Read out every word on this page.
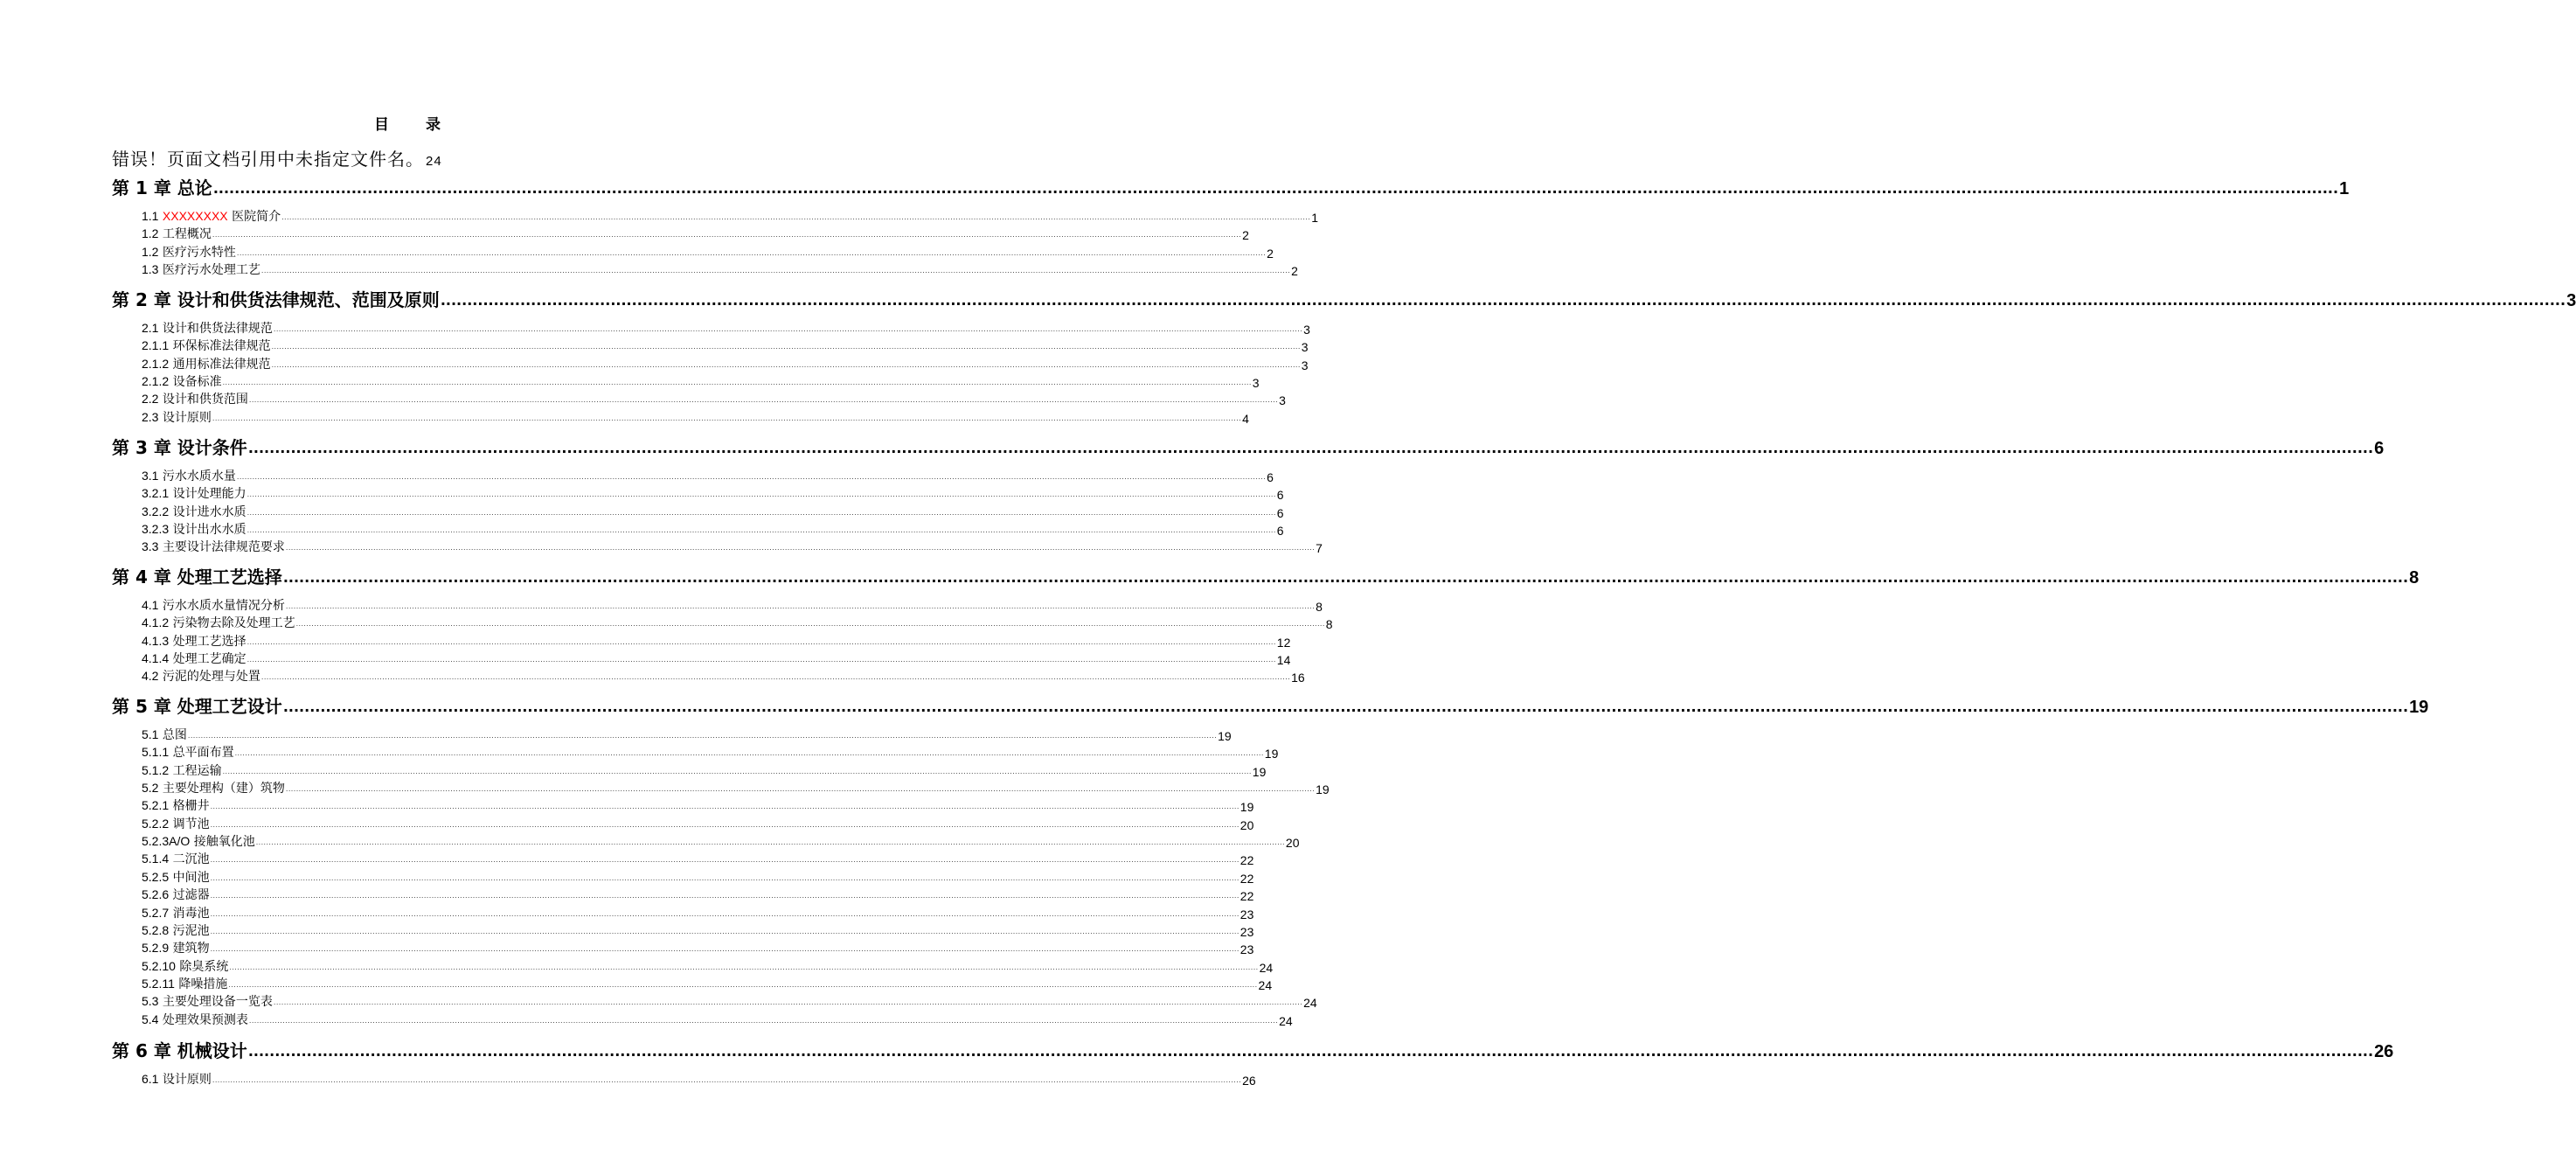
目 录
错误！页面文档引用中未指定文件名。 24
第 1 章 总论 ................................................................................................................................................................................................................................................................................................................................................................................................................ 1
1.1 XXXXXXXX 医院简介 ................................................................................................................................................................................................................................................................................................................................................................................................................ 1
1.2 工程概况 ................................................................................................................................................................................................................................................................................................................................................................................................................ 2
1.2 医疗污水特性 ................................................................................................................................................................................................................................................................................................................................................................................................................ 2
1.3 医疗污水处理工艺 ................................................................................................................................................................................................................................................................................................................................................................................................................ 2
第 2 章 设计和供货法律规范、范围及原则 ................................................................................................................................................................................................................................................................................................................................................................................................................ 3
2.1 设计和供货法律规范 ................................................................................................................................................................................................................................................................................................................................................................................................................ 3
2.1.1 环保标准法律规范 ................................................................................................................................................................................................................................................................................................................................................................................................................ 3
2.1.2 通用标准法律规范 ................................................................................................................................................................................................................................................................................................................................................................................................................ 3
2.1.2 设备标准 ................................................................................................................................................................................................................................................................................................................................................................................................................ 3
2.2 设计和供货范围 ................................................................................................................................................................................................................................................................................................................................................................................................................ 3
2.3 设计原则 ................................................................................................................................................................................................................................................................................................................................................................................................................ 4
第 3 章 设计条件 ................................................................................................................................................................................................................................................................................................................................................................................................................ 6
3.1 污水水质水量 ................................................................................................................................................................................................................................................................................................................................................................................................................ 6
3.2.1 设计处理能力 ................................................................................................................................................................................................................................................................................................................................................................................................................ 6
3.2.2 设计进水水质 ................................................................................................................................................................................................................................................................................................................................................................................................................ 6
3.2.3 设计出水水质 ................................................................................................................................................................................................................................................................................................................................................................................................................ 6
3.3 主要设计法律规范要求 ................................................................................................................................................................................................................................................................................................................................................................................................................ 7
第 4 章 处理工艺选择 ................................................................................................................................................................................................................................................................................................................................................................................................................ 8
4.1 污水水质水量情况分析 ................................................................................................................................................................................................................................................................................................................................................................................................................ 8
4.1.2 污染物去除及处理工艺 ................................................................................................................................................................................................................................................................................................................................................................................................................ 8
4.1.3 处理工艺选择 ................................................................................................................................................................................................................................................................................................................................................................................................................ 12
4.1.4 处理工艺确定 ................................................................................................................................................................................................................................................................................................................................................................................................................ 14
4.2 污泥的处理与处置 ................................................................................................................................................................................................................................................................................................................................................................................................................ 16
第 5 章 处理工艺设计 ................................................................................................................................................................................................................................................................................................................................................................................................................ 19
5.1 总图 ................................................................................................................................................................................................................................................................................................................................................................................................................ 19
5.1.1 总平面布置 ................................................................................................................................................................................................................................................................................................................................................................................................................ 19
5.1.2 工程运输 ................................................................................................................................................................................................................................................................................................................................................................................................................ 19
5.2 主要处理构（建）筑物 ................................................................................................................................................................................................................................................................................................................................................................................................................ 19
5.2.1 格栅井 ................................................................................................................................................................................................................................................................................................................................................................................................................ 19
5.2.2 调节池 ................................................................................................................................................................................................................................................................................................................................................................................................................ 20
5.2.3A/O 接触氧化池 ................................................................................................................................................................................................................................................................................................................................................................................................................ 20
5.1.4 二沉池 ................................................................................................................................................................................................................................................................................................................................................................................................................ 22
5.2.5 中间池 ................................................................................................................................................................................................................................................................................................................................................................................................................ 22
5.2.6 过滤器 ................................................................................................................................................................................................................................................................................................................................................................................................................ 22
5.2.7 消毒池 ................................................................................................................................................................................................................................................................................................................................................................................................................ 23
5.2.8 污泥池 ................................................................................................................................................................................................................................................................................................................................................................................................................ 23
5.2.9 建筑物 ................................................................................................................................................................................................................................................................................................................................................................................................................ 23
5.2.10 除臭系统 ................................................................................................................................................................................................................................................................................................................................................................................................................ 24
5.2.11 降噪措施 ................................................................................................................................................................................................................................................................................................................................................................................................................ 24
5.3 主要处理设备一览表 ................................................................................................................................................................................................................................................................................................................................................................................................................ 24
5.4 处理效果预测表 ................................................................................................................................................................................................................................................................................................................................................................................................................ 24
第 6 章 机械设计 ................................................................................................................................................................................................................................................................................................................................................................................................................ 26
6.1 设计原则 ................................................................................................................................................................................................................................................................................................................................................................................................................ 26
